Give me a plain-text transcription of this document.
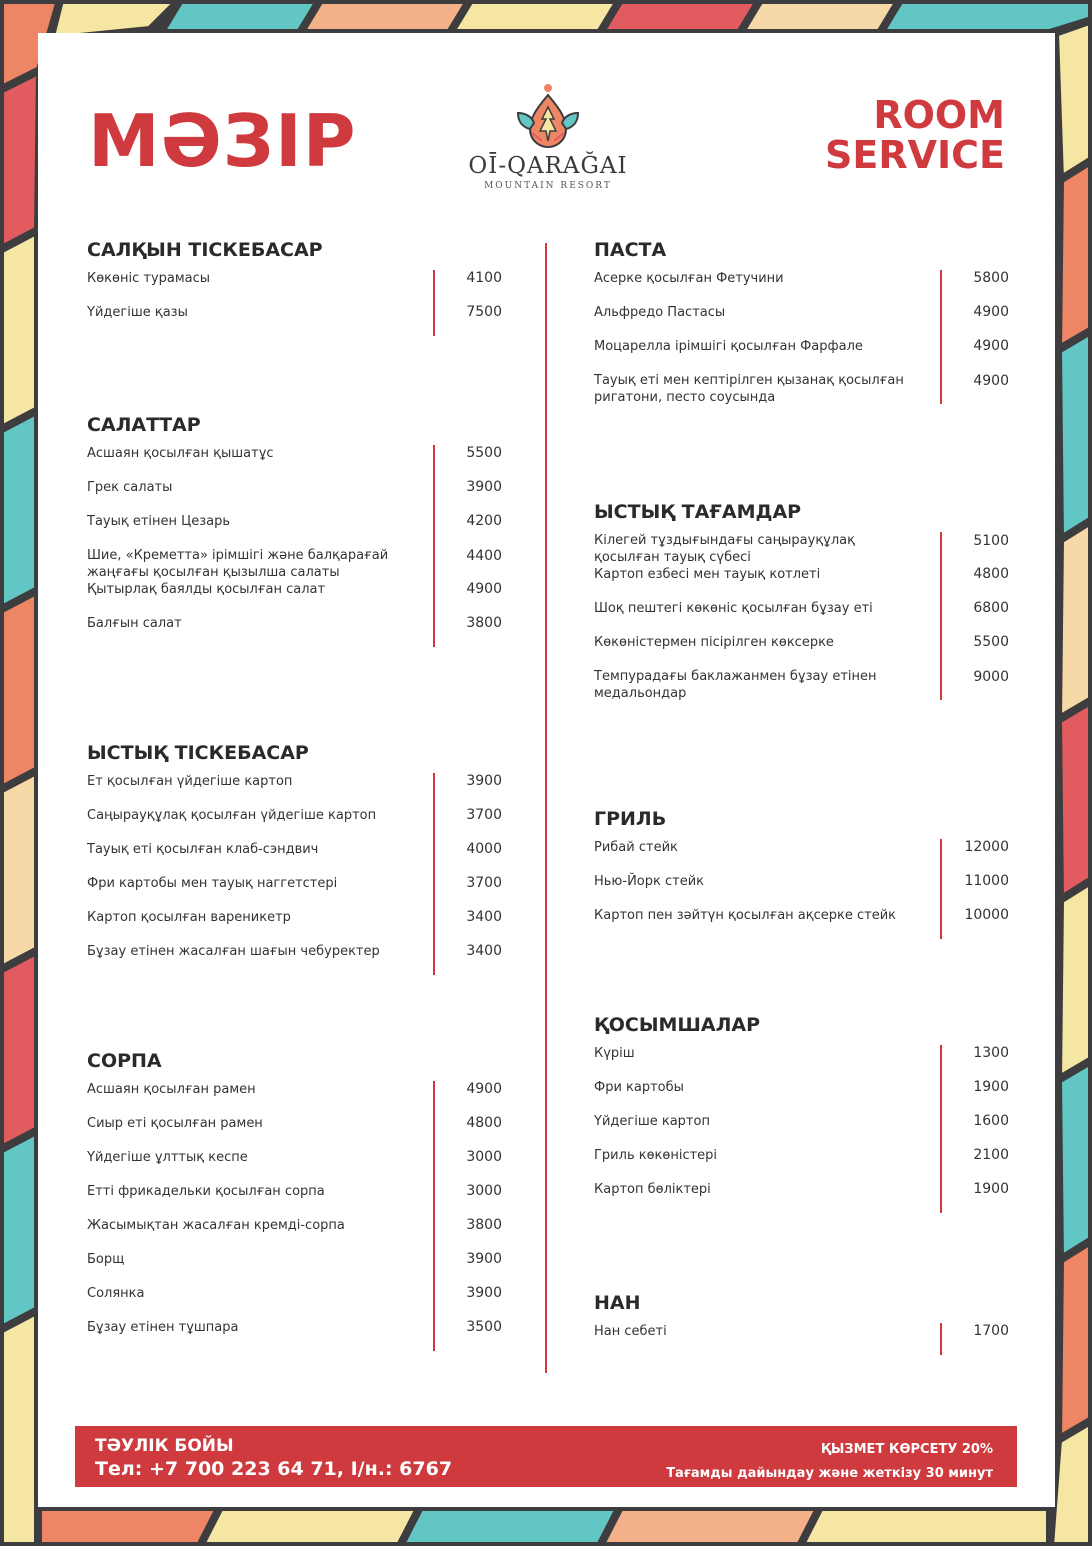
МӘЗІР	OĪ-QARAĞAI
MOUNTAIN RESORT
ROOM
SERVICE
САЛҚЫН ТІСКЕБАСАР
Көкөніс турамасы	4100
Үйдегіше қазы	7500
САЛАТТАР
Асшаян қосылған қышатұс	5500
Грек салаты	3900
Тауық етінен Цезарь	4200
Шие, «Креметта» ірімшігі және балқарағай жаңғағы қосылған қызылша салаты
4400
Қытырлақ баялды қосылған салат	4900
Балғын салат	3800
ЫСТЫҚ ТІСКЕБАСАР
Ет қосылған үйдегіше картоп	3900
Саңырауқұлақ қосылған үйдегіше картоп	3700
Тауық еті қосылған клаб-сэндвич	4000
Фри картобы мен тауық наггетстері	3700
Картоп қосылған вареникетр	3400
Бұзау етінен жасалған шағын чебуректер	3400
СОРПА
Асшаян қосылған рамен	4900
Сиыр еті қосылған рамен	4800
Үйдегіше ұлттық кеспе	3000
Етті фрикадельки қосылған сорпа	3000
Жасымықтан жасалған кремді-сорпа	3800
Борщ	3900
Солянка	3900
Бұзау етінен тұшпара	3500
ПАСТА
Асерке қосылған Фетучини	5800
Альфредо Пастасы	4900
Моцарелла ірімшігі қосылған Фарфале	4900
Тауық еті мен кептірілген қызанақ қосылған ригатони, песто соусында
4900
ЫСТЫҚ ТАҒАМДАР
Кілегей тұздығындағы саңырауқұлақ қосылған тауық сүбесі
5100
Картоп езбесі мен тауық котлеті	4800
Шоқ пештегі көкөніс қосылған бұзау еті	6800
Көкөністермен пісірілген көксерке	5500
Темпурадағы баклажанмен бұзау етінен медальондар
9000
ГРИЛЬ
Рибай стейк	12000
Нью-Йорк стейк	11000
Картоп пен зәйтүн қосылған ақсерке стейк	10000
ҚОСЫМШАЛАР
Күріш	1300
Фри картобы	1900
Үйдегіше картоп	1600
Гриль көкөністері	2100
Картоп бөліктері	1900
НАН
Нан себеті	1700
ТӘУЛІК БОЙЫ
Тел: +7 700 223 64 71, І/н.: 6767
ҚЫЗМЕТ КӨРСЕТУ 20%
Тағамды дайындау және жеткізу 30 минут
